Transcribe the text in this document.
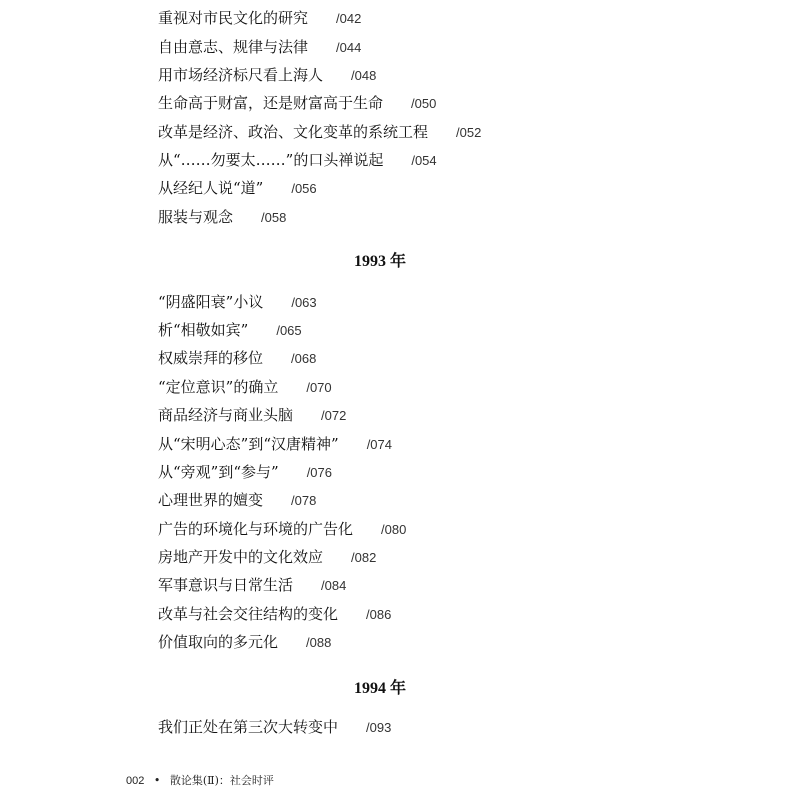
重视对市民文化的研究 /042
自由意志、规律与法律 /044
用市场经济标尺看上海人 /048
生命高于财富，还是财富高于生命 /050
改革是经济、政治、文化变革的系统工程 /052
从“……勿要太……”的口头禅说起 /054
从经纪人说“道” /056
服装与观念 /058
1993 年
“阴盛阳衰”小议 /063
析“相敬如宾” /065
权威崇拜的移位 /068
“定位意识”的确立 /070
商品经济与商业头脑 /072
从“宋明心态”到“汉唐精神” /074
从“旁观”到“参与” /076
心理世界的嬗变 /078
广告的环境化与环境的广告化 /080
房地产开发中的文化效应 /082
军事意识与日常生活 /084
改革与社会交往结构的变化 /086
价值取向的多元化 /088
1994 年
我们正处在第三次大转变中 /093
002 • 散论集(Ⅱ)：社会时评
